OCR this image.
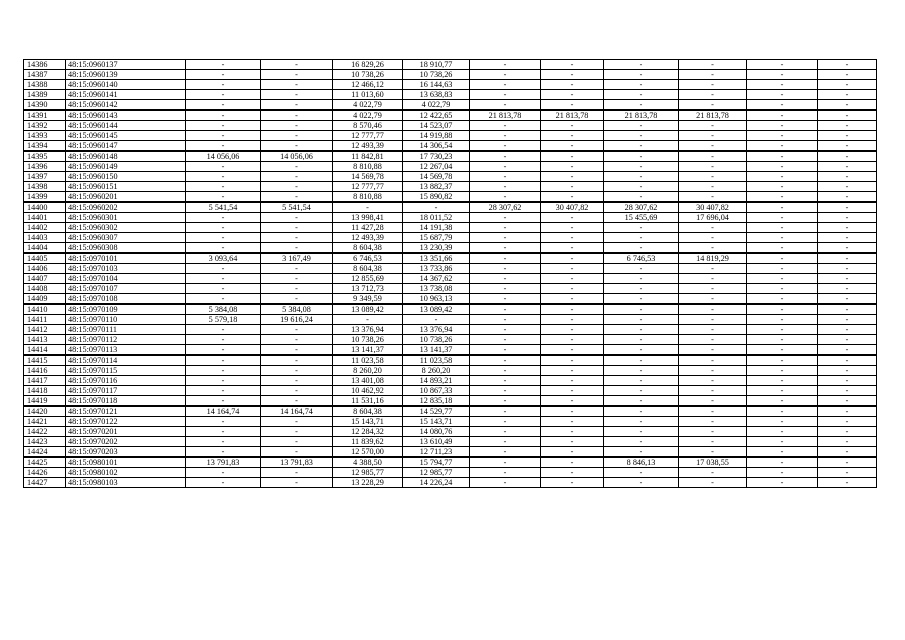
14386	48:15:0960137	-	-	16 829,26	18 910,77	-	-	-	-	-	-
14387	48:15:0960139	-	-	10 738,26	10 738,26	-	-	-	-	-	-
14388	48:15:0960140	-	-	12 466,12	16 144,63	-	-	-	-	-	-
14389	48:15:0960141	-	-	11 013,60	13 638,83	-	-	-	-	-	-
14390	48:15:0960142	-	-	4 022,79	4 022,79	-	-	-	-	-	-
14391	48:15:0960143	-	-	4 022,79	12 422,65	21 813,78	21 813,78	21 813,78	21 813,78	-	-
14392	48:15:0960144	-	-	8 570,46	14 523,07	-	-	-	-	-	-
14393	48:15:0960145	-	-	12 777,77	14 919,88	-	-	-	-	-	-
14394	48:15:0960147	-	-	12 493,39	14 306,54	-	-	-	-	-	-
14395	48:15:0960148	14 056,06	14 056,06	11 842,81	17 730,23	-	-	-	-	-	-
14396	48:15:0960149	-	-	8 810,88	12 267,04	-	-	-	-	-	-
14397	48:15:0960150	-	-	14 569,78	14 569,78	-	-	-	-	-	-
14398	48:15:0960151	-	-	12 777,77	13 882,37	-	-	-	-	-	-
14399	48:15:0960201	-	-	8 810,88	15 890,82	-	-	-	-	-	-
14400	48:15:0960202	5 541,54	5 541,54	-	-	28 307,62	30 407,82	28 307,62	30 407,82	-	-
14401	48:15:0960301	-	-	13 998,41	18 011,52	-	-	15 455,69	17 696,04	-	-
14402	48:15:0960302	-	-	11 427,28	14 191,38	-	-	-	-	-	-
14403	48:15:0960307	-	-	12 493,39	15 687,79	-	-	-	-	-	-
14404	48:15:0960308	-	-	8 604,38	13 230,39	-	-	-	-	-	-
14405	48:15:0970101	3 093,64	3 167,49	6 746,53	13 351,66	-	-	6 746,53	14 819,29	-	-
14406	48:15:0970103	-	-	8 604,38	13 733,86	-	-	-	-	-	-
14407	48:15:0970104	-	-	12 855,69	14 367,62	-	-	-	-	-	-
14408	48:15:0970107	-	-	13 712,73	13 738,08	-	-	-	-	-	-
14409	48:15:0970108	-	-	9 349,59	10 963,13	-	-	-	-	-	-
14410	48:15:0970109	5 384,08	5 384,08	13 089,42	13 089,42	-	-	-	-	-	-
14411	48:15:0970110	5 579,18	19 616,24	-	-	-	-	-	-	-	-
14412	48:15:0970111	-	-	13 376,94	13 376,94	-	-	-	-	-	-
14413	48:15:0970112	-	-	10 738,26	10 738,26	-	-	-	-	-	-
14414	48:15:0970113	-	-	13 141,37	13 141,37	-	-	-	-	-	-
14415	48:15:0970114	-	-	11 023,58	11 023,58	-	-	-	-	-	-
14416	48:15:0970115	-	-	8 260,20	8 260,20	-	-	-	-	-	-
14417	48:15:0970116	-	-	13 401,08	14 893,21	-	-	-	-	-	-
14418	48:15:0970117	-	-	10 462,92	10 867,33	-	-	-	-	-	-
14419	48:15:0970118	-	-	11 531,16	12 835,18	-	-	-	-	-	-
14420	48:15:0970121	14 164,74	14 164,74	8 604,38	14 529,77	-	-	-	-	-	-
14421	48:15:0970122	-	-	15 143,71	15 143,71	-	-	-	-	-	-
14422	48:15:0970201	-	-	12 284,32	14 080,76	-	-	-	-	-	-
14423	48:15:0970202	-	-	11 839,62	13 610,49	-	-	-	-	-	-
14424	48:15:0970203	-	-	12 570,00	12 711,23	-	-	-	-	-	-
14425	48:15:0980101	13 791,83	13 791,83	4 388,50	15 794,77	-	-	8 846,13	17 038,55	-	-
14426	48:15:0980102	-	-	12 985,77	12 985,77	-	-	-	-	-	-
14427	48:15:0980103	-	-	13 228,29	14 226,24	-	-	-	-	-	-
